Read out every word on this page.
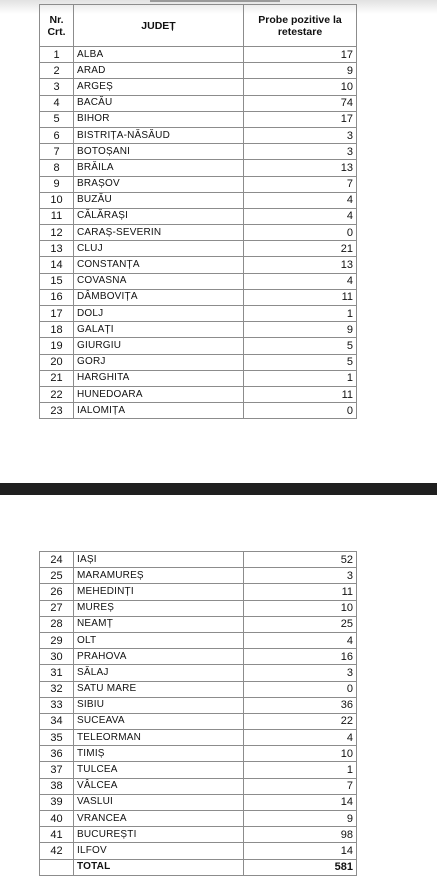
Nr.
Crt.	JUDEȚ	Probe pozitive la retestare
1	ALBA	17
2	ARAD	9
3	ARGEȘ	10
4	BACĂU	74
5	BIHOR	17
6	BISTRIȚA-NĂSĂUD	3
7	BOTOȘANI	3
8	BRĂILA	13
9	BRAȘOV	7
10	BUZĂU	4
11	CĂLĂRAȘI	4
12	CARAȘ-SEVERIN	0
13	CLUJ	21
14	CONSTANȚA	13
15	COVASNA	4
16	DÂMBOVIȚA	11
17	DOLJ	1
18	GALAȚI	9
19	GIURGIU	5
20	GORJ	5
21	HARGHITA	1
22	HUNEDOARA	11
23	IALOMIȚA	0
24	IAȘI	52
25	MARAMUREȘ	3
26	MEHEDINȚI	11
27	MUREȘ	10
28	NEAMȚ	25
29	OLT	4
30	PRAHOVA	16
31	SĂLAJ	3
32	SATU MARE	0
33	SIBIU	36
34	SUCEAVA	22
35	TELEORMAN	4
36	TIMIȘ	10
37	TULCEA	1
38	VÂLCEA	7
39	VASLUI	14
40	VRANCEA	9
41	BUCUREȘTI	98
42	ILFOV	14
	TOTAL	581
